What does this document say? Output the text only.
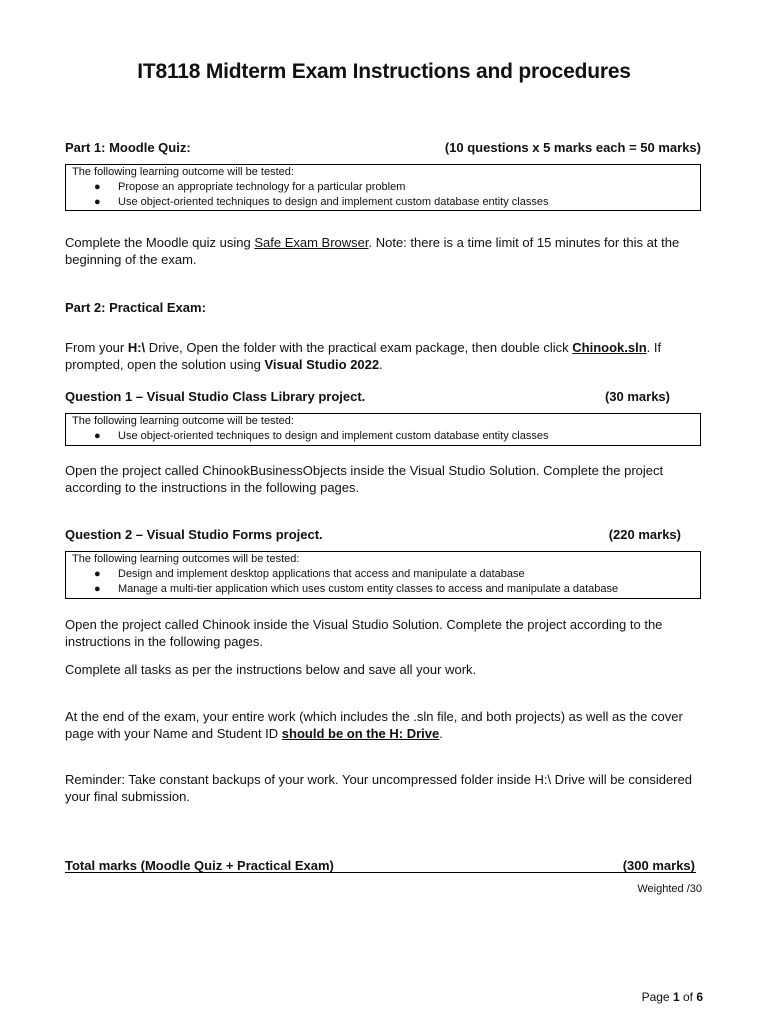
IT8118 Midterm Exam Instructions and procedures
Part 1: Moodle Quiz:	(10 questions x 5 marks each = 50 marks)
The following learning outcome will be tested:
● Propose an appropriate technology for a particular problem
● Use object-oriented techniques to design and implement custom database entity classes
Complete the Moodle quiz using Safe Exam Browser. Note: there is a time limit of 15 minutes for this at the beginning of the exam.
Part 2: Practical Exam:
From your H:\ Drive, Open the folder with the practical exam package, then double click Chinook.sln. If prompted, open the solution using Visual Studio 2022.
Question 1 – Visual Studio Class Library project.	(30 marks)
The following learning outcome will be tested:
● Use object-oriented techniques to design and implement custom database entity classes
Open the project called ChinookBusinessObjects inside the Visual Studio Solution. Complete the project according to the instructions in the following pages.
Question 2 – Visual Studio Forms project.	(220 marks)
The following learning outcomes will be tested:
● Design and implement desktop applications that access and manipulate a database
● Manage a multi-tier application which uses custom entity classes to access and manipulate a database
Open the project called Chinook inside the Visual Studio Solution. Complete the project according to the instructions in the following pages.
Complete all tasks as per the instructions below and save all your work.
At the end of the exam, your entire work (which includes the .sln file, and both projects) as well as the cover page with your Name and Student ID should be on the H: Drive.
Reminder: Take constant backups of your work. Your uncompressed folder inside H:\ Drive will be considered your final submission.
Total marks (Moodle Quiz + Practical Exam)	(300 marks)
Weighted /30
Page 1 of 6
